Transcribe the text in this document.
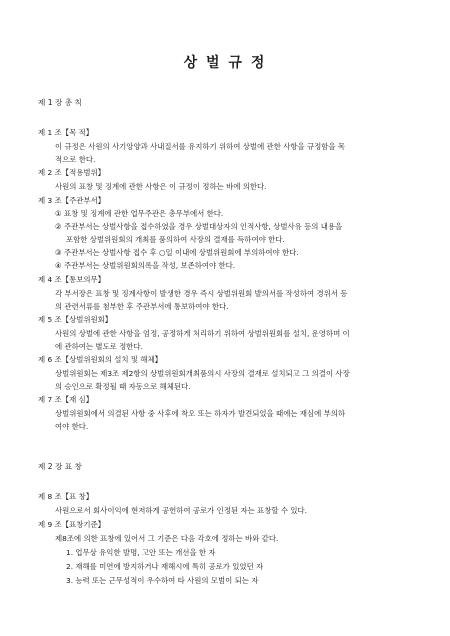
상 벌 규 정
제 1 장 총 칙
제 1 조【목 적】
이 규정은 사원의 사기앙양과 사내질서를 유지하기 위하여 상벌에 관한 사항을 규정함을 목
적으로 한다.
제 2 조【적용범위】
사원의 표창 및 징계에 관한 사항은 이 규정이 정하는 바에 의한다.
제 3 조【주관부서】
① 표창 및 징계에 관한 업무주관은 총무부에서 한다.
② 주관부서는 상벌사항을 접수하였을 경우 상벌대상자의 인적사항, 상벌사유 등의 내용을
포함한 상벌위원회의 개최를 품의하여 사장의 결재를 득하여야 한다.
③ 주관부서는 상벌사항 접수 후 ○일 이내에 상벌위원회에 부의하여야 한다.
④ 주관부서는 상벌위원회의록을 작성, 보존하여야 한다.
제 4 조【통보의무】
각 부서장은 표창 및 징계사항이 발생한 경우 즉시 상벌위원회 발의서를 작성하여 경위서 등
의 관련서류를 첨부한 후 주관부서에 통보하여야 한다.
제 5 조【상벌위원회】
사원의 상벌에 관한 사항을 엄정, 공정하게 처리하기 위하여 상벌위원회를 설치, 운영하며 이
에 관하여는 별도로 정한다.
제 6 조【상벌위원회의 설치 및 해체】
상벌위원회는 제3조 제2항의 상벌위원회개최품의시 사장의 결재로 설치되고 그 의결이 사장
의 승인으로 확정될 때 자동으로 해체된다.
제 7 조【재 심】
상벌위원회에서 의결된 사항 중 사후에 착오 또는 하자가 발견되었을 때에는 재심에 부의하
여야 한다.
제 2 장 표 창
제 8 조【표 창】
사원으로서 회사이익에 현저하게 공헌하여 공로가 인정된 자는 표창할 수 있다.
제 9 조【표창기준】
제8조에 의한 표창에 있어서 그 기준은 다음 각호에 정하는 바와 같다.
1. 업무상 유익한 발명, 고안 또는 개선을 한 자
2. 재해를 미연에 방지하거나 재해시에 특히 공로가 있었던 자
3. 능력 또는 근무성적이 우수하여 타 사원의 모범이 되는 자
